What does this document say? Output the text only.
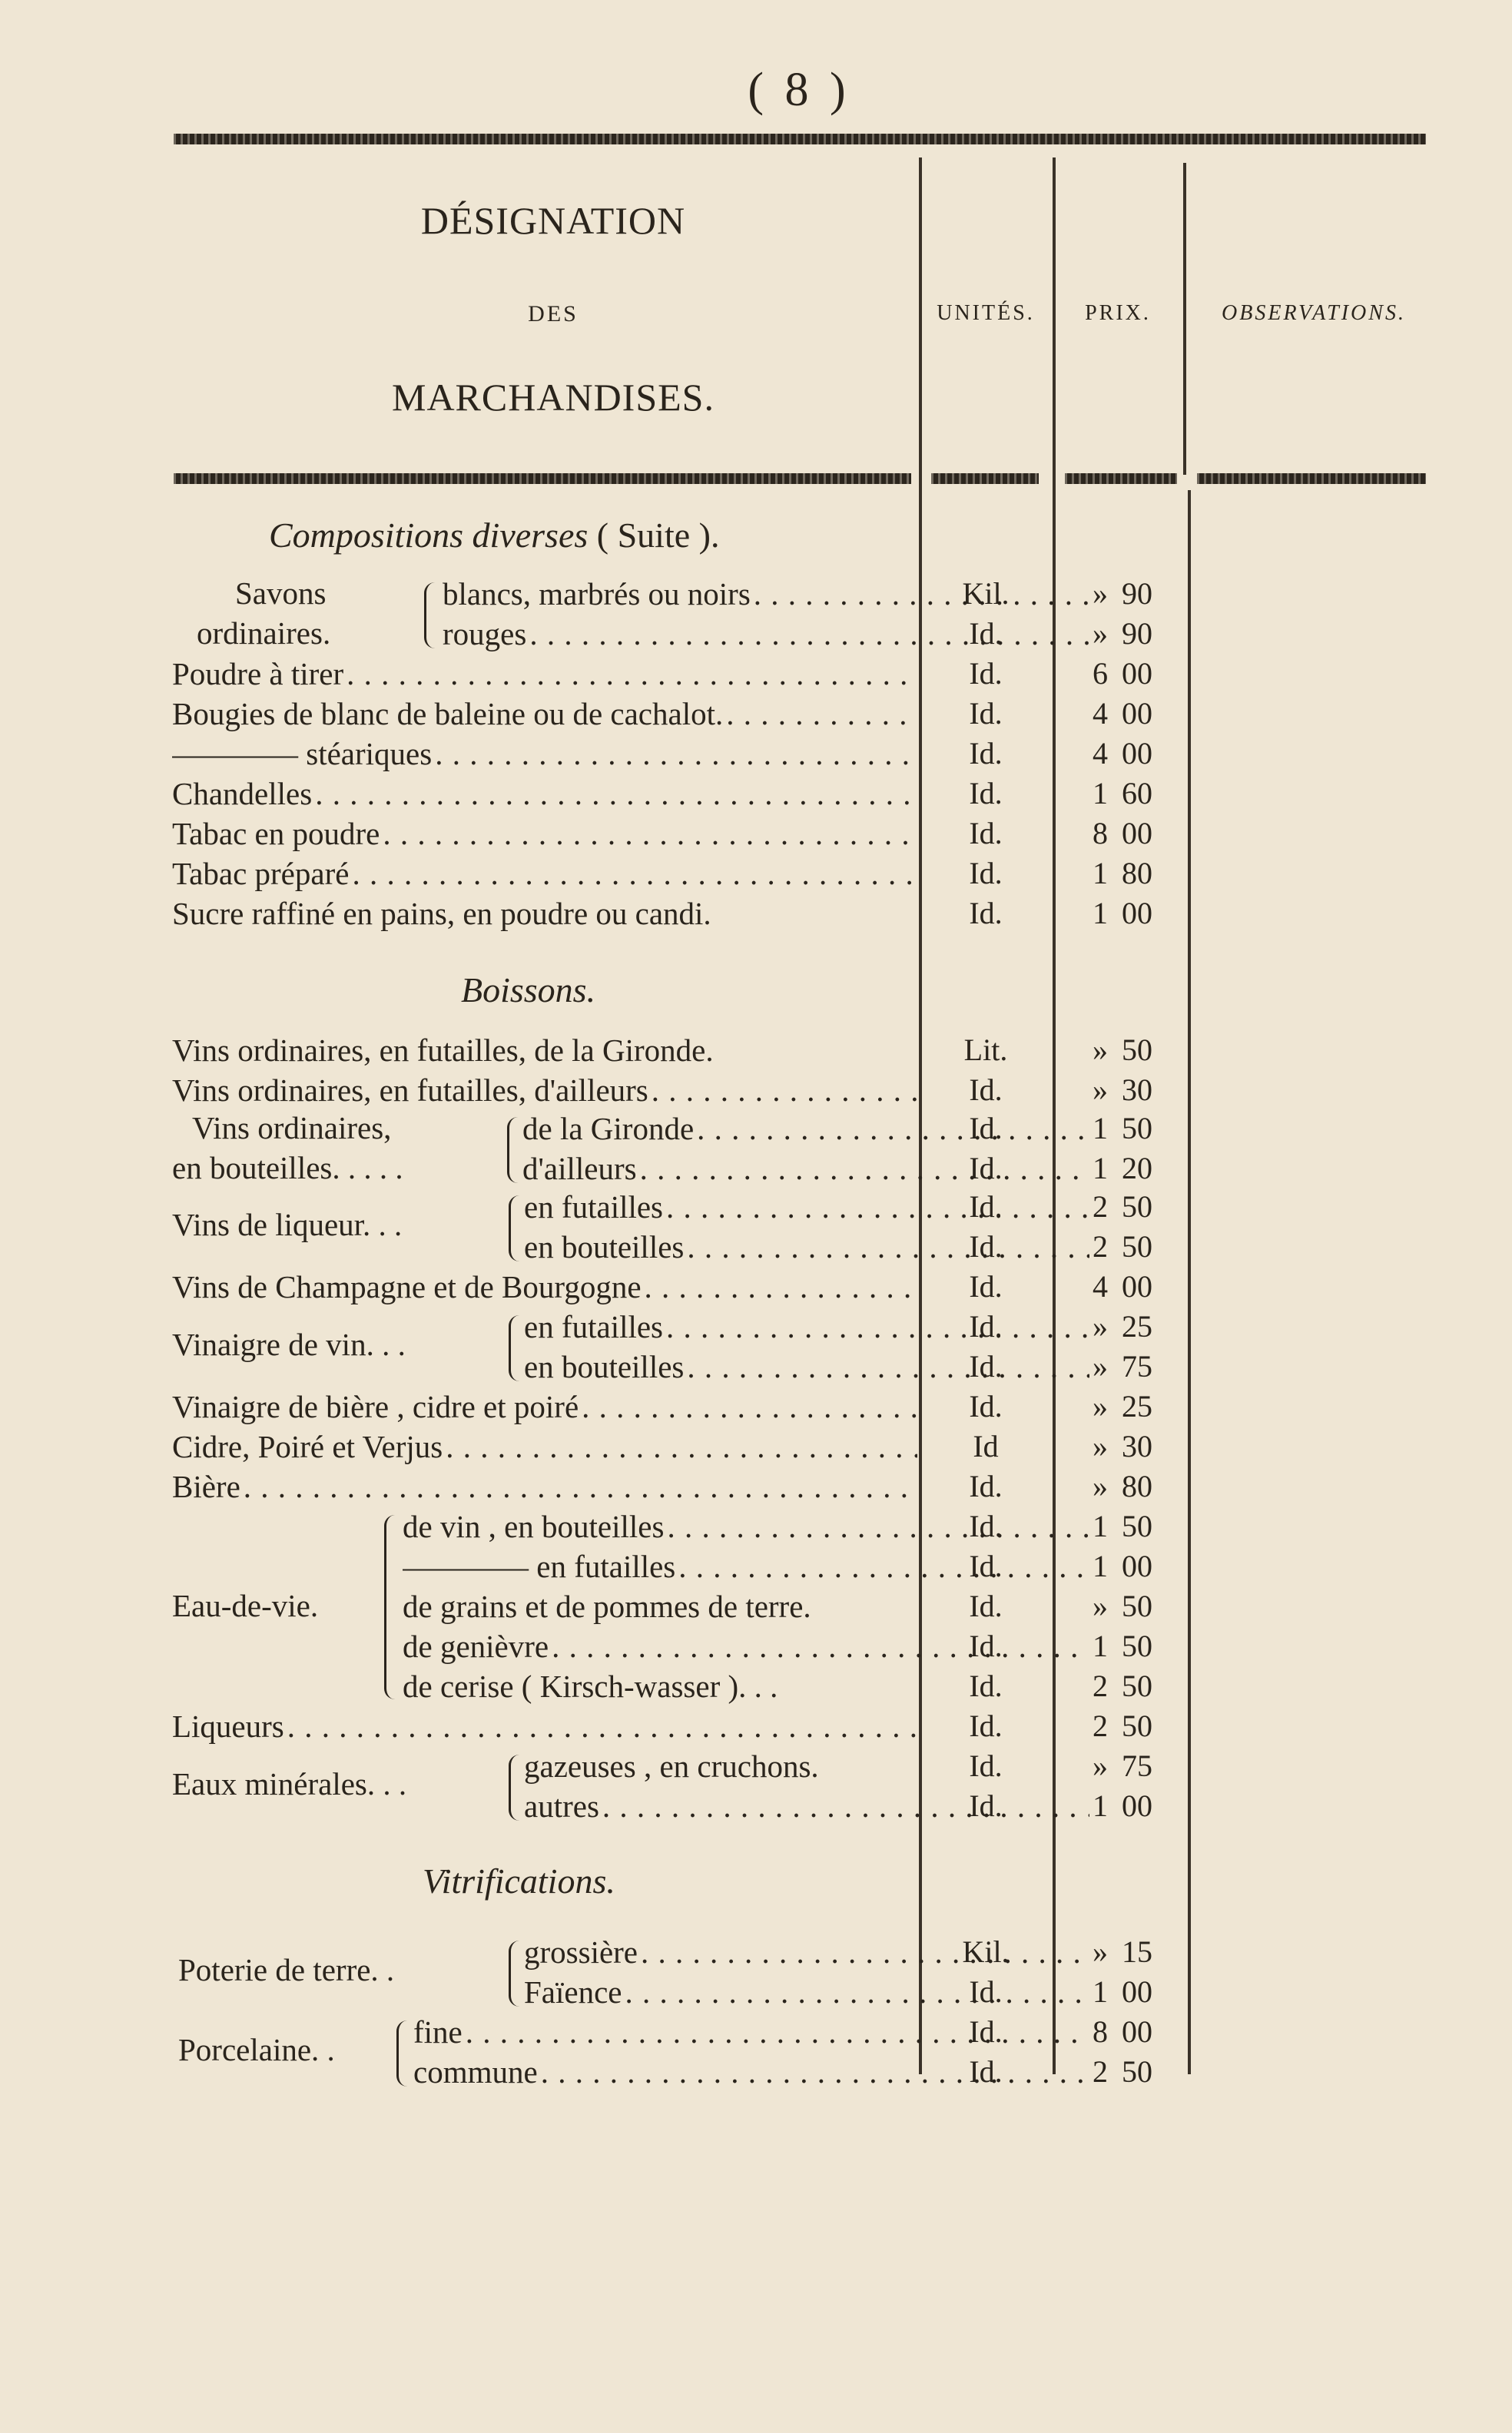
( 8 )
DÉSIGNATION
DES
MARCHANDISES.
UNITÉS.	PRIX.	OBSERVATIONS.
Compositions diverses ( Suite ).
Savons
ordinaires.
blancs, marbrés ou noirs . . .	Kil.	» 90
rouges . . .	Id.	» 90
Poudre à tirer . . .	Id.	6 00
Bougies de blanc de baleine ou de cachalot. . . .	Id.	4 00
———— stéariques . . .	Id.	4 00
Chandelles . . .	Id.	1 60
Tabac en poudre . . .	Id.	8 00
Tabac préparé . . .	Id.	1 80
Sucre raffiné en pains, en poudre ou candi.	Id.	1 00
Boissons.
Vins ordinaires, en futailles, de la Gironde.	Lit.	» 50
Vins ordinaires, en futailles, d'ailleurs . . .	Id.	» 30
Vins ordinaires,
en bouteilles. . . . .
de la Gironde . . .	Id.	1 50
d'ailleurs . . .	Id.	1 20
Vins de liqueur. . .	en futailles . . .	Id.	2 50
en bouteilles . . .	Id.	2 50
Vins de Champagne et de Bourgogne . . .	Id.	4 00
Vinaigre de vin. . .	en futailles . . .	Id.	» 25
en bouteilles . . .	Id.	» 75
Vinaigre de bière , cidre et poiré . . .	Id.	» 25
Cidre, Poiré et Verjus . . .	Id	» 30
Bière . . .	Id.	» 80
Eau-de-vie.
de vin , en bouteilles . . .	Id.	1 50
———— en futailles . . .	Id.	1 00
de grains et de pommes de terre.	Id.	» 50
de genièvre . . .	Id.	1 50
de cerise ( Kirsch-wasser ). . .	Id.	2 50
Liqueurs . . .	Id.	2 50
Eaux minérales. . .	gazeuses , en cruchons.	Id.	» 75
autres . . .	Id.	1 00
Vitrifications.
Poterie de terre. .	grossière . . .	Kil.	» 15
Faïence . . .	Id.	1 00
Porcelaine. . fine . . .	Id.	8 00
commune . . .	Id.	2 50
